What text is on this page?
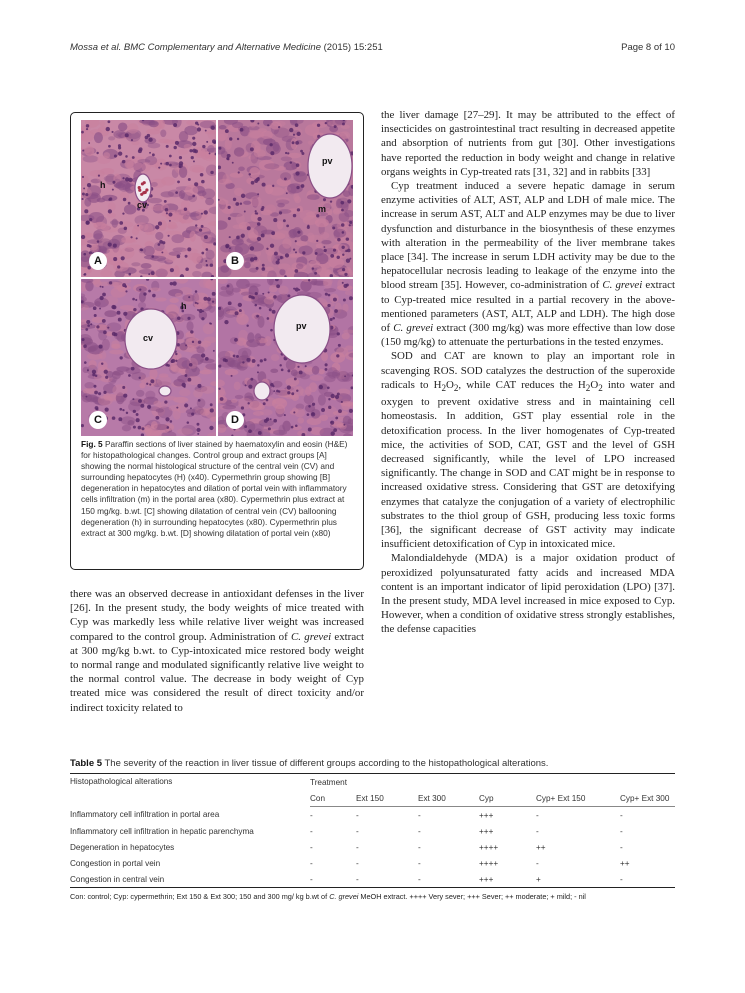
Mossa et al. BMC Complementary and Alternative Medicine (2015) 15:251	Page 8 of 10
h
cv
A
pv
m
B
h
cv
C
pv
D
Fig. 5 Paraffin sections of liver stained by haematoxylin and eosin (H&E) for histopathological changes. Control group and extract groups [A] showing the normal histological structure of the central vein (CV) and surrounding hepatocytes (H) (x40). Cypermethrin group showing [B] degeneration in hepatocytes and dilation of portal vein with inflammatory cells infiltration (m) in the portal area (x80). Cypermethrin plus extract at 150 mg/kg. b.wt. [C] showing dilatation of central vein (CV) ballooning degeneration (h) in surrounding hepatocytes (x80). Cypermethrin plus extract at 300 mg/kg. b.wt. [D] showing dilatation of portal vein (x80)

there was an observed decrease in antioxidant defenses in the liver [26]. In the present study, the body weights of mice treated with Cyp was markedly less while relative liver weight was increased compared to the control group. Administration of C. grevei extract at 300 mg/kg b.wt. to Cyp-intoxicated mice restored body weight to normal range and modulated significantly relative live weight to the normal control value. The decrease in body weight of Cyp treated mice was considered the result of direct toxicity and/or indirect toxicity related to

the liver damage [27–29]. It may be attributed to the effect of insecticides on gastrointestinal tract resulting in decreased appetite and absorption of nutrients from gut [30]. Other investigations have reported the reduction in body weight and change in relative organs weights in Cyp-treated rats [31, 32] and in rabbits [33]

Cyp treatment induced a severe hepatic damage in serum enzyme activities of ALT, AST, ALP and LDH of male mice. The increase in serum AST, ALT and ALP enzymes may be due to liver dysfunction and disturbance in the biosynthesis of these enzymes with alteration in the permeability of the liver membrane takes place [34]. The increase in serum LDH activity may be due to the hepatocellular necrosis leading to leakage of the enzyme into the blood stream [35]. However, co-administration of C. grevei extract to Cyp-treated mice resulted in a partial recovery in the above-mentioned parameters (AST, ALT, ALP and LDH). The high dose of C. grevei extract (300 mg/kg) was more effective than low dose (150 mg/kg) to attenuate the perturbations in the tested enzymes.

SOD and CAT are known to play an important role in scavenging ROS. SOD catalyzes the destruction of the superoxide radicals to $H_2O_2$, while CAT reduces the $H_2O_2$ into water and oxygen to prevent oxidative stress and in maintaining cell homeostasis. In addition, GST play essential role in the detoxification process. In the liver homogenates of Cyp-treated mice, the activities of SOD, CAT, GST and the level of GSH decreased significantly, while the level of LPO increased significantly. The change in SOD and CAT might be in response to increased oxidative stress. Considering that GST are detoxifying enzymes that catalyze the conjugation of a variety of electrophilic substrates to the thiol group of GSH, producing less toxic forms [36], the significant decrease of GST activity may indicate insufficient detoxification of Cyp in intoxicated mice.

Malondialdehyde (MDA) is a major oxidation product of peroxidized polyunsaturated fatty acids and increased MDA content is an important indicator of lipid peroxidation (LPO) [37]. In the present study, MDA level increased in mice exposed to Cyp. However, when a condition of oxidative stress strongly establishes, the defense capacities

Table 5 The severity of the reaction in liver tissue of different groups according to the histopathological alterations.
Histopathological alterations	Treatment					
	Con	Ext 150	Ext 300	Cyp	Cyp+ Ext 150	Cyp+ Ext 300
Inflammatory cell infiltration in portal area	-	-	-	+++	-	-
Inflammatory cell infiltration in hepatic parenchyma	-	-	-	+++	-	-
Degeneration in hepatocytes	-	-	-	++++	++	-
Congestion in portal vein	-	-	-	++++	-	++
Congestion in central vein	-	-	-	+++	+	-
Con: control; Cyp: cypermethrin; Ext 150 & Ext 300; 150 and 300 mg/ kg b.wt of C. grevei MeOH extract. ++++ Very sever; +++ Sever; ++ moderate; + mild; - nil
